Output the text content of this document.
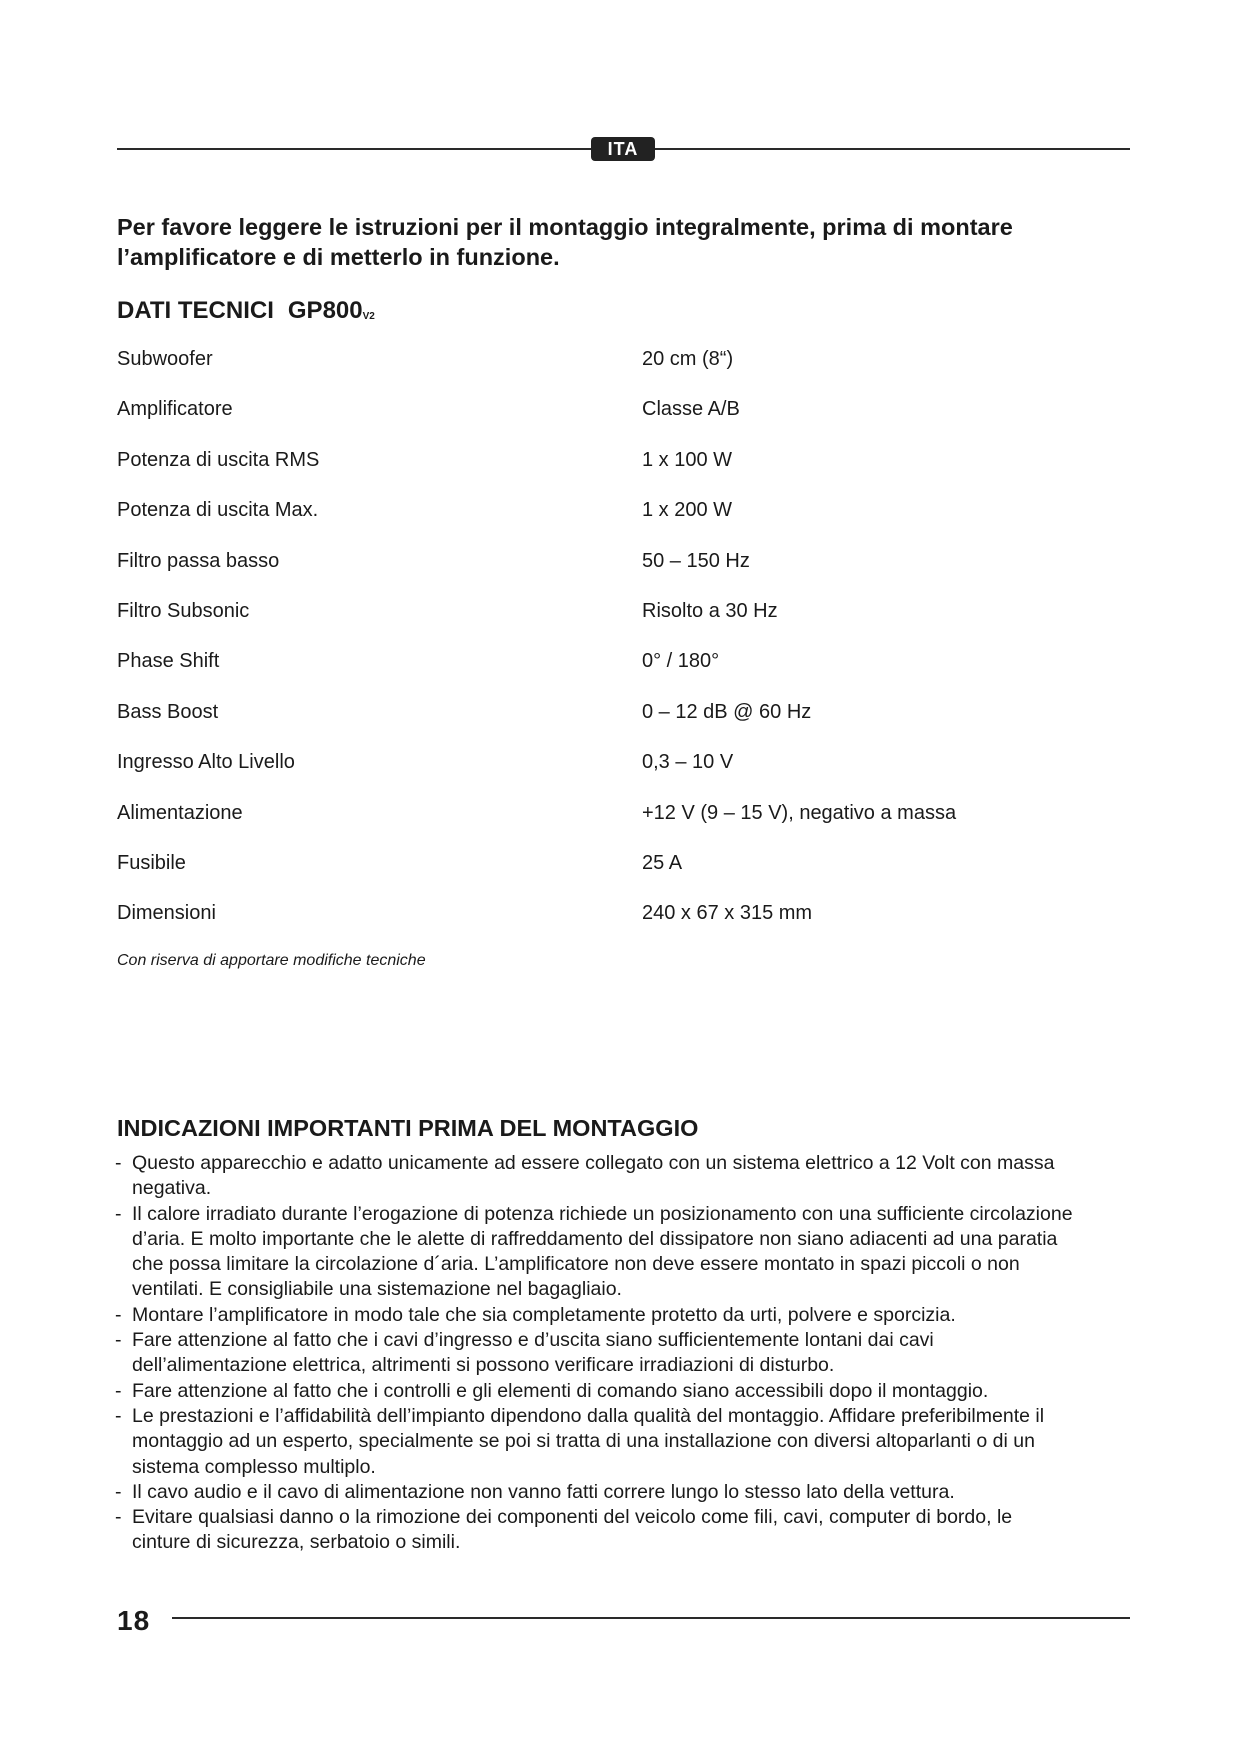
ITA

Per favore leggere le istruzioni per il montaggio integralmente, prima di montare l’amplificatore e di metterlo in funzione.

DATI TECNICI $GP800_{V2}$
Subwoofer	20 cm (8“)
Amplificatore	Classe A/B
Potenza di uscita RMS	1 x 100 W
Potenza di uscita Max.	1 x 200 W
Filtro passa basso	50 – 150 Hz
Filtro Subsonic	Risolto a 30 Hz
Phase Shift	0° / 180°
Bass Boost	0 – 12 dB @ 60 Hz
Ingresso Alto Livello	0,3 – 10 V
Alimentazione	+12 V (9 – 15 V), negativo a massa
Fusibile	25 A
Dimensioni	240 x 67 x 315 mm

Con riserva di apportare modifiche tecniche

INDICAZIONI IMPORTANTI PRIMA DEL MONTAGGIO
- Questo apparecchio e adatto unicamente ad essere collegato con un sistema elettrico a 12 Volt con massa negativa.
- Il calore irradiato durante l’erogazione di potenza richiede un posizionamento con una sufficiente circolazione d’aria. E molto importante che le alette di raffreddamento del dissipatore non siano adiacenti ad una paratia che possa limitare la circolazione d´aria. L’amplificatore non deve essere montato in spazi piccoli o non ventilati. E consigliabile una sistemazione nel bagagliaio.
- Montare l’amplificatore in modo tale che sia completamente protetto da urti, polvere e sporcizia.
- Fare attenzione al fatto che i cavi d’ingresso e d’uscita siano sufficientemente lontani dai cavi dell’alimentazione elettrica, altrimenti si possono verificare irradiazioni di disturbo.
- Fare attenzione al fatto che i controlli e gli elementi di comando siano accessibili dopo il montaggio.
- Le prestazioni e l’affidabilità dell’impianto dipendono dalla qualità del montaggio. Affidare preferibilmente il montaggio ad un esperto, specialmente se poi si tratta di una installazione con diversi altoparlanti o di un sistema complesso multiplo.
- Il cavo audio e il cavo di alimentazione non vanno fatti correre lungo lo stesso lato della vettura.
- Evitare qualsiasi danno o la rimozione dei componenti del veicolo come fili, cavi, computer di bordo, le cinture di sicurezza, serbatoio o simili.

18
